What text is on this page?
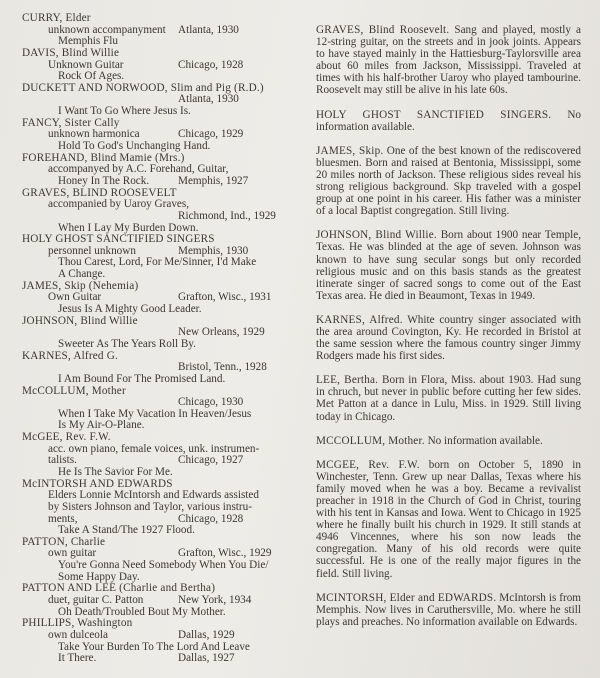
CURRY, Elder
unknown accompanyment Atlanta, 1930
Memphis Flu
DAVIS, Blind Willie
Unknown Guitar	Chicago, 1928
Rock Of Ages.
DUCKETT AND NORWOOD, Slim and Pig (R.D.)
Atlanta, 1930
I Want To Go Where Jesus Is.
FANCY, Sister Cally
unknown harmonica	Chicago, 1929
Hold To God's Unchanging Hand.
FOREHAND, Blind Mamie (Mrs.)
accompanyed by A.C. Forehand, Guitar,
Honey In The Rock.	Memphis, 1927
GRAVES, BLIND ROOSEVELT
accompanied by Uaroy Graves,
Richmond, Ind., 1929
When I Lay My Burden Down.
HOLY GHOST SANCTIFIED SINGERS
personnel unknown	Memphis, 1930
Thou Carest, Lord, For Me/Sinner, I'd Make
A Change.
JAMES, Skip (Nehemia)
Own Guitar	Grafton, Wisc., 1931
Jesus Is A Mighty Good Leader.
JOHNSON, Blind Willie
New Orleans, 1929
Sweeter As The Years Roll By.
KARNES, Alfred G.
Bristol, Tenn., 1928
I Am Bound For The Promised Land.
McCOLLUM, Mother
Chicago, 1930
When I Take My Vacation In Heaven/Jesus
Is My Air-O-Plane.
McGEE, Rev. F.W.
acc. own piano, female voices, unk. instrumen-
talists.	Chicago, 1927
He Is The Savior For Me.
McINTORSH AND EDWARDS
Elders Lonnie McIntorsh and Edwards assisted
by Sisters Johnson and Taylor, various instru-
ments,	Chicago, 1928
Take A Stand/The 1927 Flood.
PATTON, Charlie
own guitar	Grafton, Wisc., 1929
You're Gonna Need Somebody When You Die/
Some Happy Day.
PATTON AND LEE (Charlie and Bertha)
duet, guitar C. Patton	New York, 1934
Oh Death/Troubled Bout My Mother.
PHILLIPS, Washington
own dulceola	Dallas, 1929
Take Your Burden To The Lord And Leave
It There.	Dallas, 1927

GRAVES, Blind Roosevelt. Sang and played, mostly a 12-string guitar, on the streets and in jook joints. Appears to have stayed mainly in the Hattiesburg-Taylorsville area about 60 miles from Jackson, Mississippi. Traveled at times with his half-brother Uaroy who played tambourine. Roosevelt may still be alive in his late 60s.

HOLY GHOST SANCTIFIED SINGERS. No information available.

JAMES, Skip. One of the best known of the rediscovered bluesmen. Born and raised at Bentonia, Mississippi, some 20 miles north of Jackson. These religious sides reveal his strong religious background. Skp traveled with a gospel group at one point in his career. His father was a minister of a local Baptist congregation. Still living.

JOHNSON, Blind Willie. Born about 1900 near Temple, Texas. He was blinded at the age of seven. Johnson was known to have sung secular songs but only recorded religious music and on this basis stands as the greatest itinerate singer of sacred songs to come out of the East Texas area. He died in Beaumont, Texas in 1949.

KARNES, Alfred. White country singer associated with the area around Covington, Ky. He recorded in Bristol at the same session where the famous country singer Jimmy Rodgers made his first sides.

LEE, Bertha. Born in Flora, Miss. about 1903. Had sung in chruch, but never in public before cutting her few sides. Met Patton at a dance in Lulu, Miss. in 1929. Still living today in Chicago.

MCCOLLUM, Mother. No information available.

MCGEE, Rev. F.W. born on October 5, 1890 in Winchester, Tenn. Grew up near Dallas, Texas where his family moved when he was a boy. Became a revivalist preacher in 1918 in the Church of God in Christ, touring with his tent in Kansas and Iowa. Went to Chicago in 1925 where he finally built his church in 1929. It still stands at 4946 Vincennes, where his son now leads the congregation. Many of his old records were quite successful. He is one of the really major figures in the field. Still living.

MCINTORSH, Elder and EDWARDS. McIntorsh is from Memphis. Now lives in Caruthersville, Mo. where he still plays and preaches. No information available on Edwards.
